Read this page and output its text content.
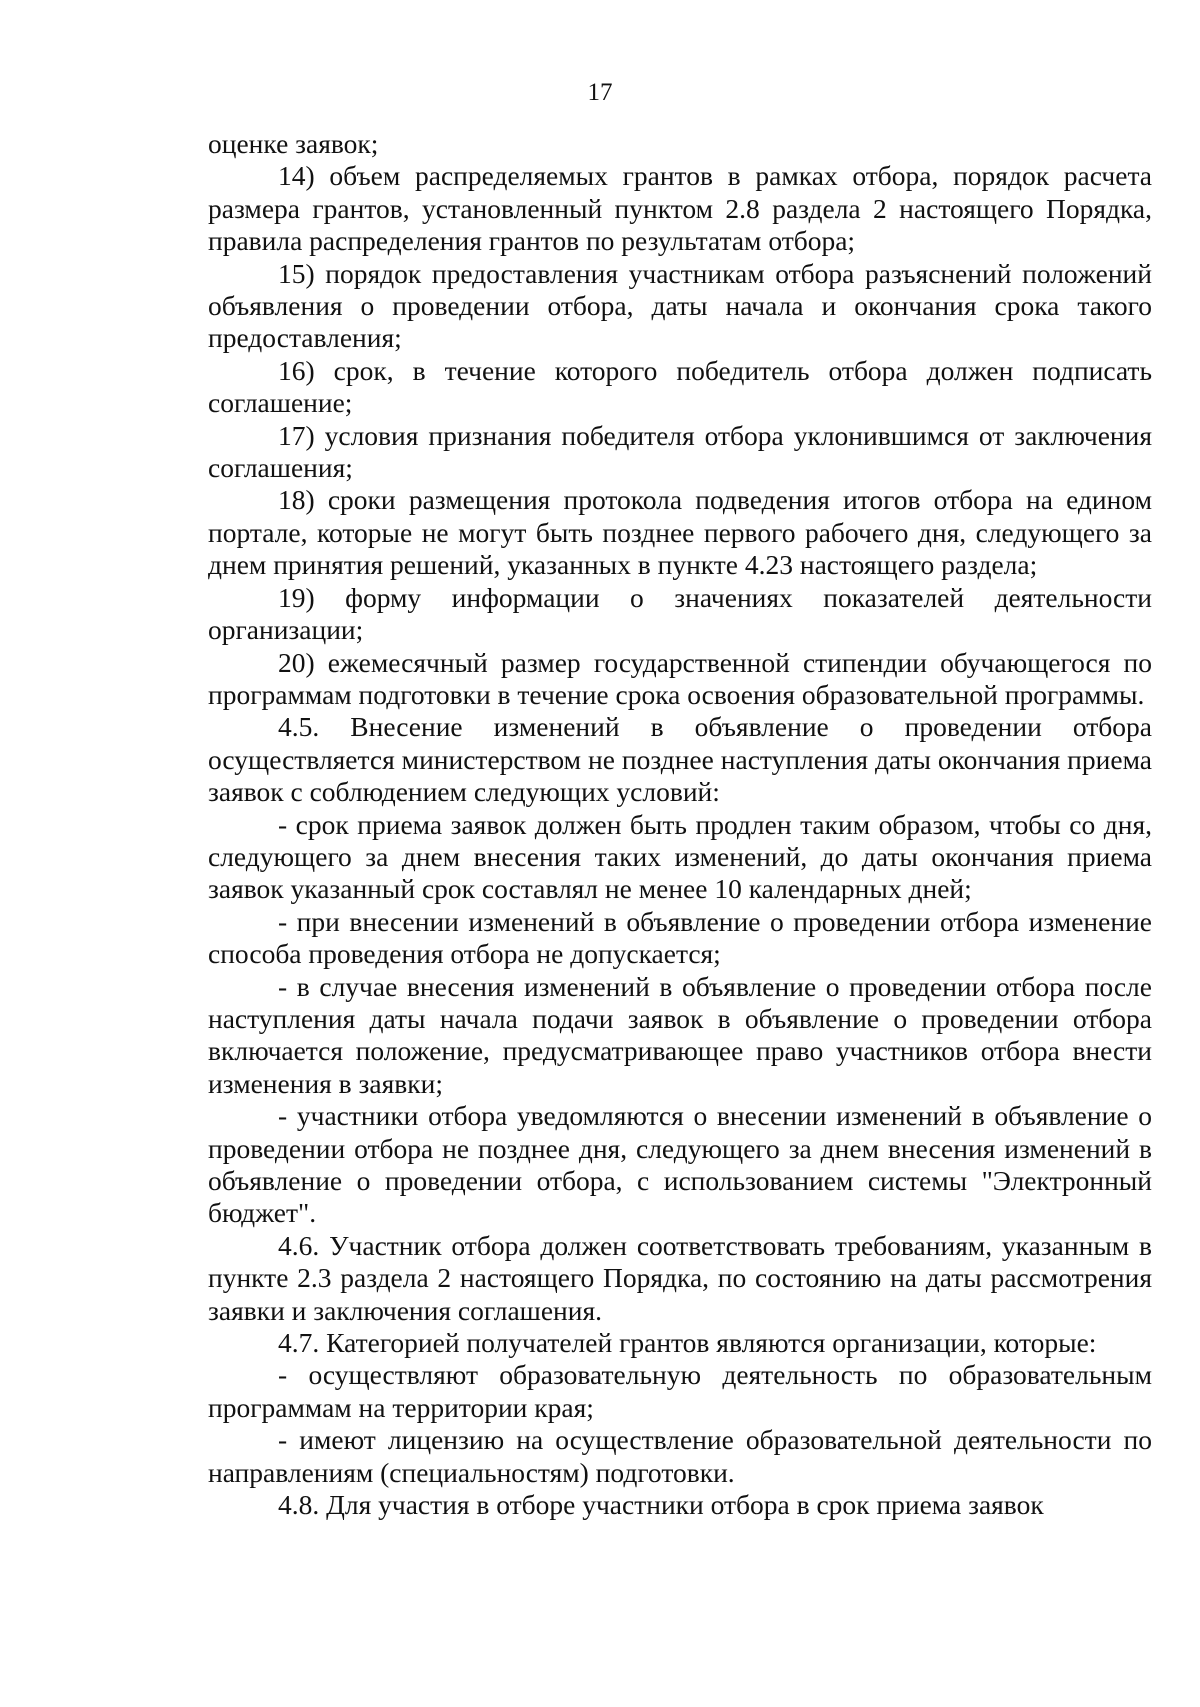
17

оценке заявок;

14) объем распределяемых грантов в рамках отбора, порядок расчета размера грантов, установленный пунктом 2.8 раздела 2 настоящего Порядка, правила распределения грантов по результатам отбора;

15) порядок предоставления участникам отбора разъяснений положений объявления о проведении отбора, даты начала и окончания срока такого предоставления;

16) срок, в течение которого победитель отбора должен подписать соглашение;

17) условия признания победителя отбора уклонившимся от заключения соглашения;

18) сроки размещения протокола подведения итогов отбора на едином портале, которые не могут быть позднее первого рабочего дня, следующего за днем принятия решений, указанных в пункте 4.23 настоящего раздела;

19) форму информации о значениях показателей деятельности организации;

20) ежемесячный размер государственной стипендии обучающегося по программам подготовки в течение срока освоения образовательной программы.

4.5. Внесение изменений в объявление о проведении отбора осуществляется министерством не позднее наступления даты окончания приема заявок с соблюдением следующих условий:

- срок приема заявок должен быть продлен таким образом, чтобы со дня, следующего за днем внесения таких изменений, до даты окончания приема заявок указанный срок составлял не менее 10 календарных дней;

- при внесении изменений в объявление о проведении отбора изменение способа проведения отбора не допускается;

- в случае внесения изменений в объявление о проведении отбора после наступления даты начала подачи заявок в объявление о проведении отбора включается положение, предусматривающее право участников отбора внести изменения в заявки;

- участники отбора уведомляются о внесении изменений в объявление о проведении отбора не позднее дня, следующего за днем внесения изменений в объявление о проведении отбора, с использованием системы "Электронный бюджет".

4.6. Участник отбора должен соответствовать требованиям, указанным в пункте 2.3 раздела 2 настоящего Порядка, по состоянию на даты рассмотрения заявки и заключения соглашения.

4.7. Категорией получателей грантов являются организации, которые:

- осуществляют образовательную деятельность по образовательным программам на территории края;

- имеют лицензию на осуществление образовательной деятельности по направлениям (специальностям) подготовки.

4.8. Для участия в отборе участники отбора в срок приема заявок
